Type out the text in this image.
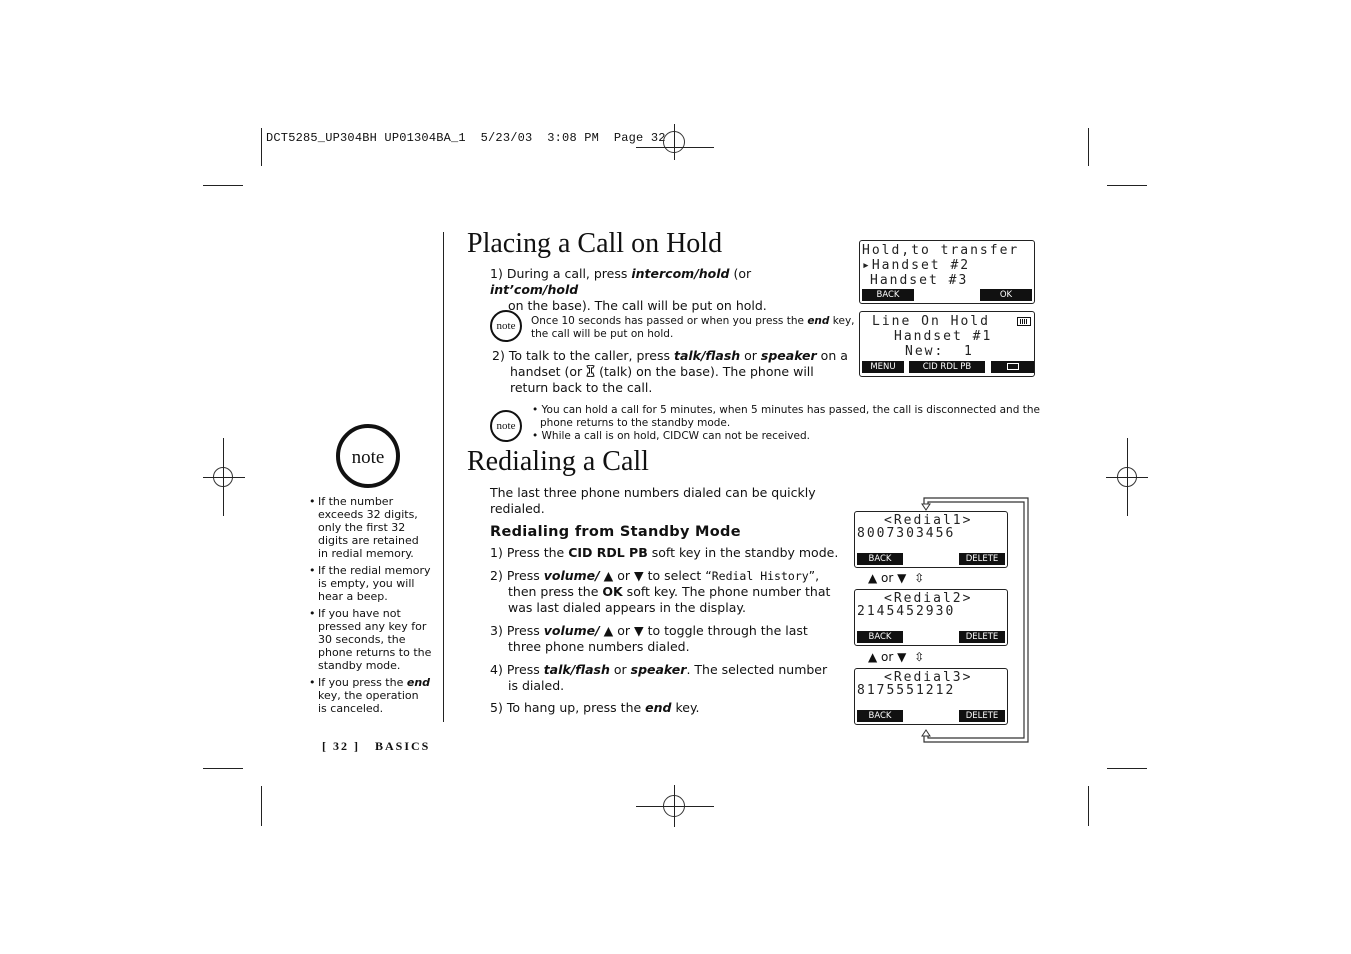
DCT5285_UP304BH UP01304BA_1  5/23/03  3:08 PM  Page 32
note
• If the number
exceeds 32 digits,
only the first 32
digits are retained
in redial memory.
• If the redial memory
is empty, you will
hear a beep.
• If you have not
pressed any key for
30 seconds, the
phone returns to the
standby mode.
• If you press the end
key, the operation
is canceled.
[ 32 ] BASICS
Placing a Call on Hold
1) During a call, press intercom/hold (or int’com/hold
on the base). The call will be put on hold.
note	Once 10 seconds has passed or when you press the end key,
the call will be put on hold.
2) To talk to the caller, press talk/flash or speaker on a
handset (or  (talk) on the base). The phone will
return back to the call.
note
• You can hold a call for 5 minutes, when 5 minutes has passed, the call is disconnected and the
phone returns to the standby mode.
• While a call is on hold, CIDCW can not be received.
Hold,to transfer
▸Handset #2
Handset #3
BACK	OK
Line On Hold
Handset #1
New:  1
MENU	CID RDL PB
Redialing a Call
The last three phone numbers dialed can be quickly
redialed.
Redialing from Standby Mode
1) Press the CID RDL PB soft key in the standby mode.
2) Press volume/ ▲ or ▼ to select “Redial History”,
then press the OK soft key. The phone number that
was last dialed appears in the display.
3) Press volume/ ▲ or ▼ to toggle through the last
three phone numbers dialed.
4) Press talk/flash or speaker. The selected number
is dialed.
5) To hang up, press the end key.
<Redial1>
8007303456
BACK	DELETE
▲ or ▼ ⇳
<Redial2>
2145452930
BACK	DELETE
▲ or ▼ ⇳
<Redial3>
8175551212
BACK	DELETE
